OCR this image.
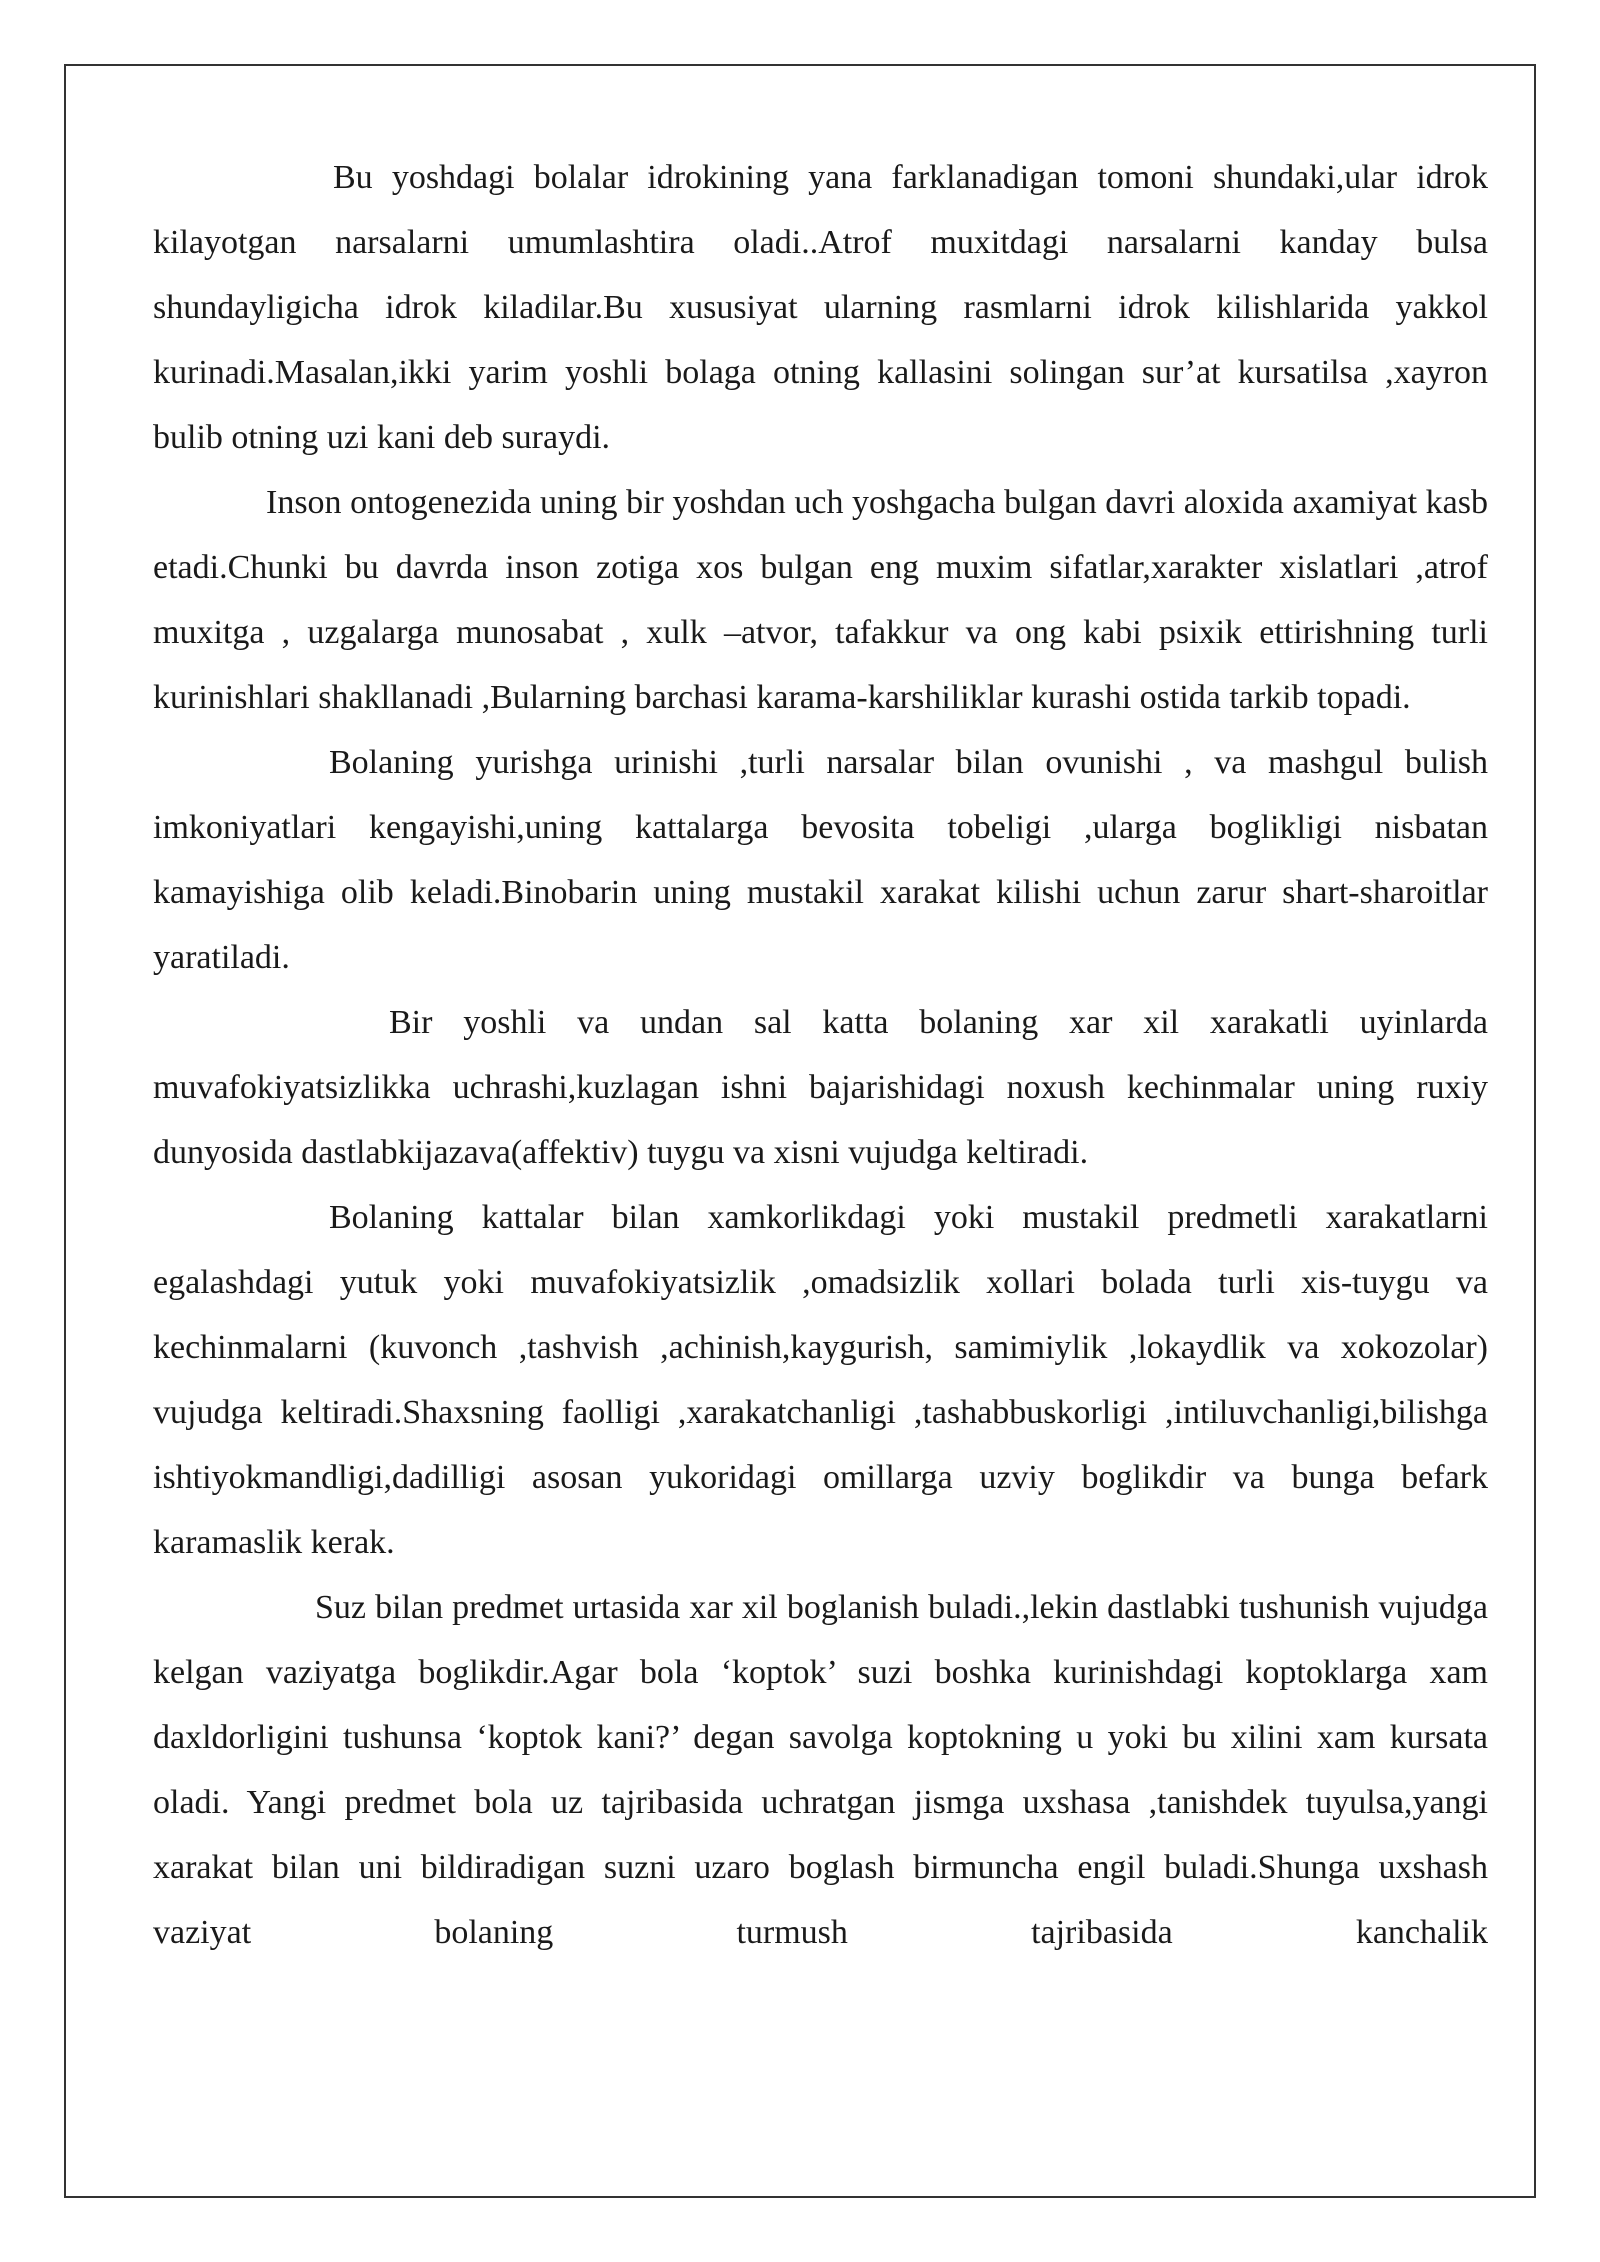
Bu yoshdagi bolalar idrokining yana farklanadigan tomoni shundaki,ular idrok kilayotgan narsalarni umumlashtira oladi..Atrof muxitdagi narsalarni kanday bulsa shundayligicha idrok kiladilar.Bu xususiyat ularning rasmlarni idrok kilishlarida yakkol kurinadi.Masalan,ikki yarim yoshli bolaga otning kallasini solingan sur’at kursatilsa ,xayron bulib otning uzi kani deb suraydi.

Inson ontogenezida uning bir yoshdan uch yoshgacha bulgan davri aloxida axamiyat kasb etadi.Chunki bu davrda inson zotiga xos bulgan eng muxim sifatlar,xarakter xislatlari ,atrof muxitga , uzgalarga munosabat , xulk –atvor, tafakkur va ong kabi psixik ettirishning turli kurinishlari shakllanadi ,Bularning barchasi karama-karshiliklar kurashi ostida tarkib topadi.

Bolaning yurishga urinishi ,turli narsalar bilan ovunishi , va mashgul bulish imkoniyatlari kengayishi,uning kattalarga bevosita tobeligi ,ularga boglikligi nisbatan kamayishiga olib keladi.Binobarin uning mustakil xarakat kilishi uchun zarur shart-sharoitlar yaratiladi.

Bir yoshli va undan sal katta bolaning xar xil xarakatli uyinlarda muvafokiyatsizlikka uchrashi,kuzlagan ishni bajarishidagi noxush kechinmalar uning ruxiy dunyosida dastlabkijazava(affektiv) tuygu va xisni vujudga keltiradi.

Bolaning kattalar bilan xamkorlikdagi yoki mustakil predmetli xarakatlarni egalashdagi yutuk yoki muvafokiyatsizlik ,omadsizlik xollari bolada turli xis-tuygu va kechinmalarni (kuvonch ,tashvish ,achinish,kaygurish, samimiylik ,lokaydlik va xokozolar) vujudga keltiradi.Shaxsning faolligi ,xarakatchanligi ,tashabbuskorligi ,intiluvchanligi,bilishga ishtiyokmandligi,dadilligi asosan yukoridagi omillarga uzviy boglikdir va bunga befark karamaslik kerak.

Suz bilan predmet urtasida xar xil boglanish buladi.,lekin dastlabki tushunish vujudga kelgan vaziyatga boglikdir.Agar bola ‘koptok’ suzi boshka kurinishdagi koptoklarga xam daxldorligini tushunsa ‘koptok kani?’ degan savolga koptokning u yoki bu xilini xam kursata oladi. Yangi predmet bola uz tajribasida uchratgan jismga uxshasa ,tanishdek tuyulsa,yangi xarakat bilan uni bildiradigan suzni uzaro boglash birmuncha engil buladi.Shunga uxshash vaziyat bolaning turmush tajribasida kanchalik
